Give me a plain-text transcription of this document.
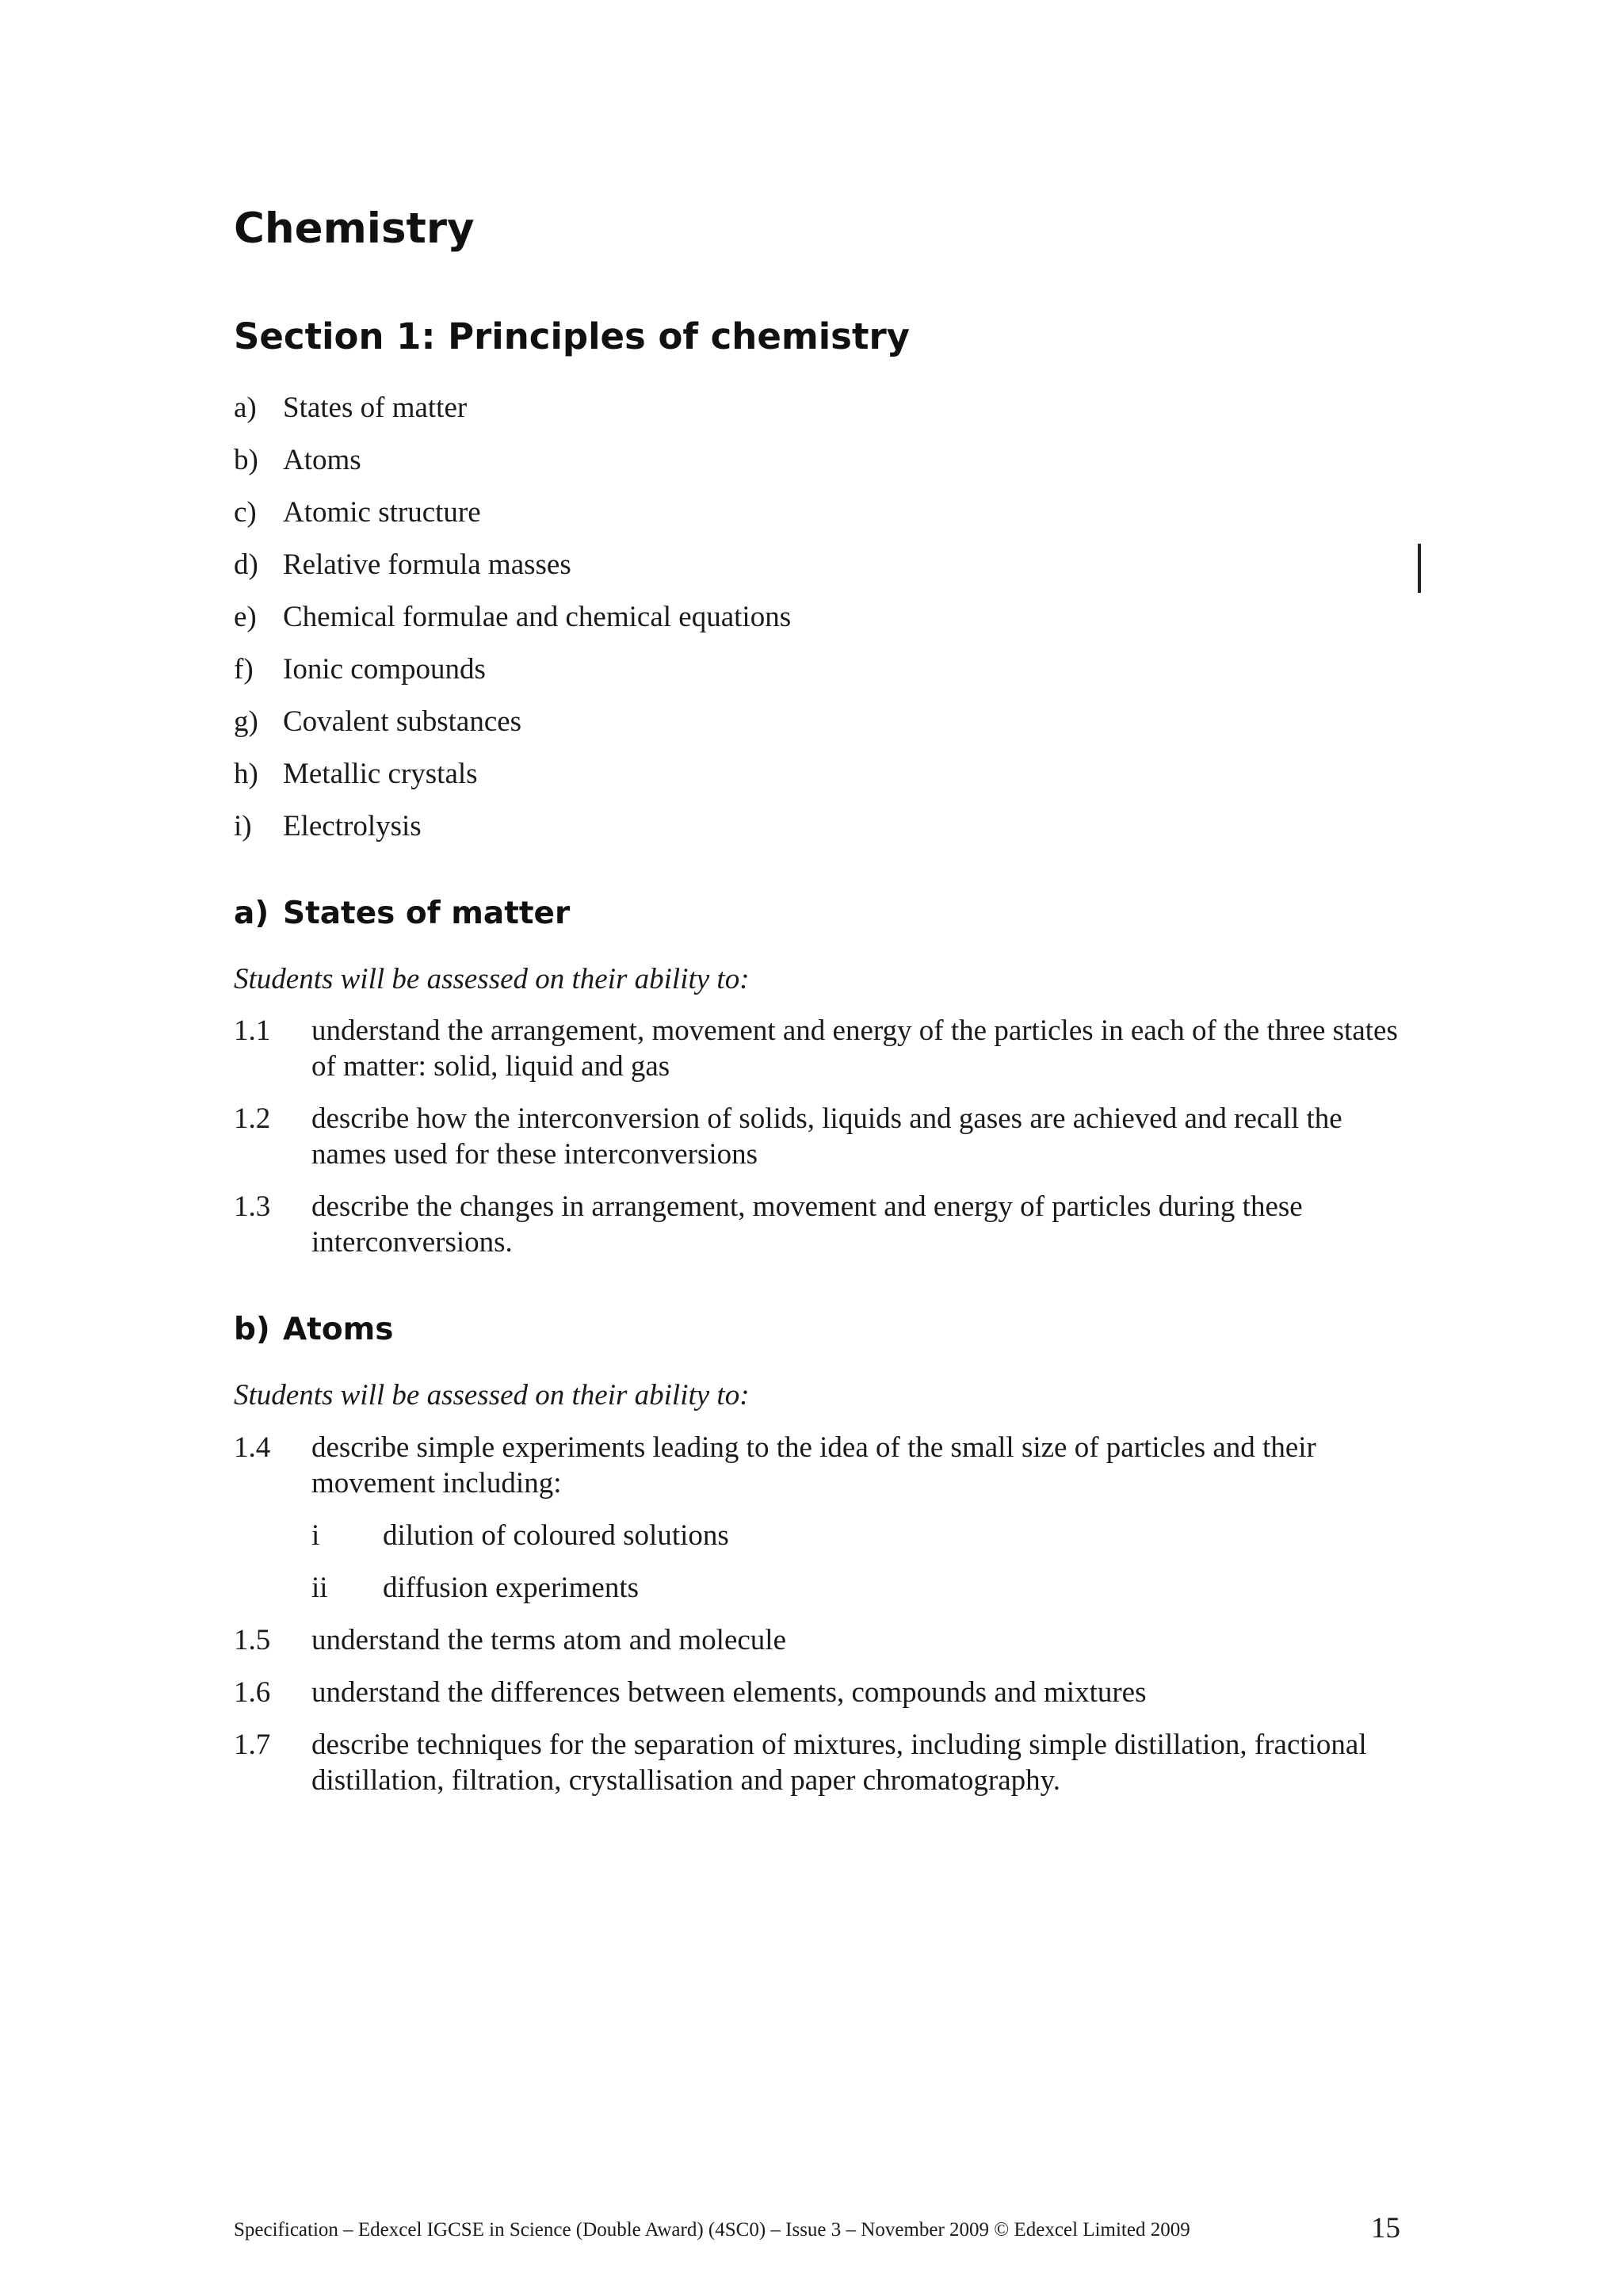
Chemistry
Section 1: Principles of chemistry
a) States of matter
b) Atoms
c) Atomic structure
d) Relative formula masses
e) Chemical formulae and chemical equations
f)	Ionic compounds
g) Covalent substances
h) Metallic crystals
i)	Electrolysis
a) States of matter

Students will be assessed on their ability to:

1.1	understand the arrangement, movement and energy of the particles in each of the three states of matter: solid, liquid and gas
1.2	describe how the interconversion of solids, liquids and gases are achieved and recall the names used for these interconversions
1.3	describe the changes in arrangement, movement and energy of particles during these interconversions.
b) Atoms

Students will be assessed on their ability to:

1.4	describe simple experiments leading to the idea of the small size of particles and their movement including:
i	dilution of coloured solutions
ii	diffusion experiments
1.5	understand the terms atom and molecule
1.6	understand the differences between elements, compounds and mixtures
1.7	describe techniques for the separation of mixtures, including simple distillation, fractional distillation, filtration, crystallisation and paper chromatography.
Specification – Edexcel IGCSE in Science (Double Award) (4SC0) – Issue 3 – November 2009 © Edexcel Limited 2009	15
